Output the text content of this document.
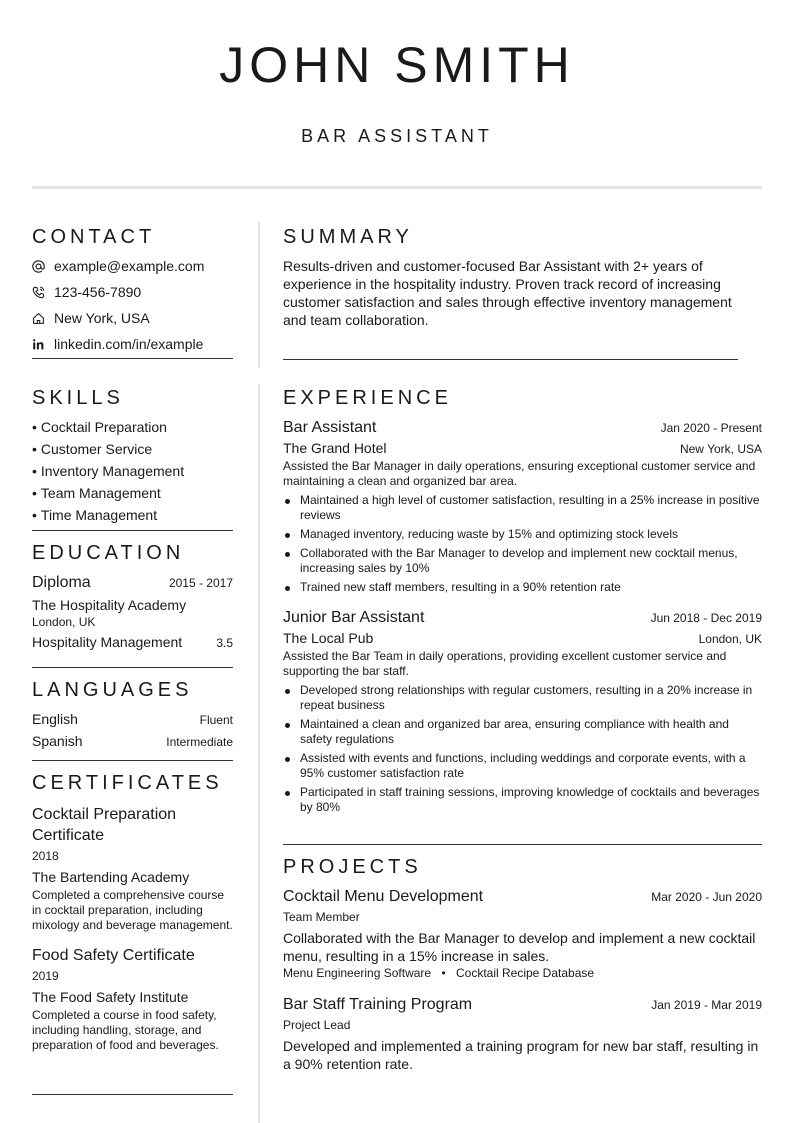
JOHN SMITH
BAR ASSISTANT
CONTACT
example@example.com
123-456-7890
New York, USA
linkedin.com/in/example
SKILLS
• Cocktail Preparation
• Customer Service
• Inventory Management
• Team Management
• Time Management
EDUCATION
Diploma	2015 - 2017
The Hospitality Academy
London, UK
Hospitality Management	3.5
LANGUAGES
English	Fluent
Spanish	Intermediate
CERTIFICATES
Cocktail Preparation Certificate
2018
The Bartending Academy
Completed a comprehensive course in cocktail preparation, including mixology and beverage management.
Food Safety Certificate
2019
The Food Safety Institute
Completed a course in food safety, including handling, storage, and preparation of food and beverages.
SUMMARY
Results-driven and customer-focused Bar Assistant with 2+ years of experience in the hospitality industry. Proven track record of increasing customer satisfaction and sales through effective inventory management and team collaboration.
EXPERIENCE
Bar Assistant	Jan 2020 - Present
The Grand Hotel	New York, USA
Assisted the Bar Manager in daily operations, ensuring exceptional customer service and maintaining a clean and organized bar area.
Maintained a high level of customer satisfaction, resulting in a 25% increase in positive reviews
Managed inventory, reducing waste by 15% and optimizing stock levels
Collaborated with the Bar Manager to develop and implement new cocktail menus, increasing sales by 10%
Trained new staff members, resulting in a 90% retention rate
Junior Bar Assistant	Jun 2018 - Dec 2019
The Local Pub	London, UK
Assisted the Bar Team in daily operations, providing excellent customer service and supporting the bar staff.
Developed strong relationships with regular customers, resulting in a 20% increase in repeat business
Maintained a clean and organized bar area, ensuring compliance with health and safety regulations
Assisted with events and functions, including weddings and corporate events, with a 95% customer satisfaction rate
Participated in staff training sessions, improving knowledge of cocktails and beverages by 80%
PROJECTS
Cocktail Menu Development	Mar 2020 - Jun 2020
Team Member
Collaborated with the Bar Manager to develop and implement a new cocktail menu, resulting in a 15% increase in sales.
Menu Engineering Software • Cocktail Recipe Database
Bar Staff Training Program	Jan 2019 - Mar 2019
Project Lead
Developed and implemented a training program for new bar staff, resulting in a 90% retention rate.
